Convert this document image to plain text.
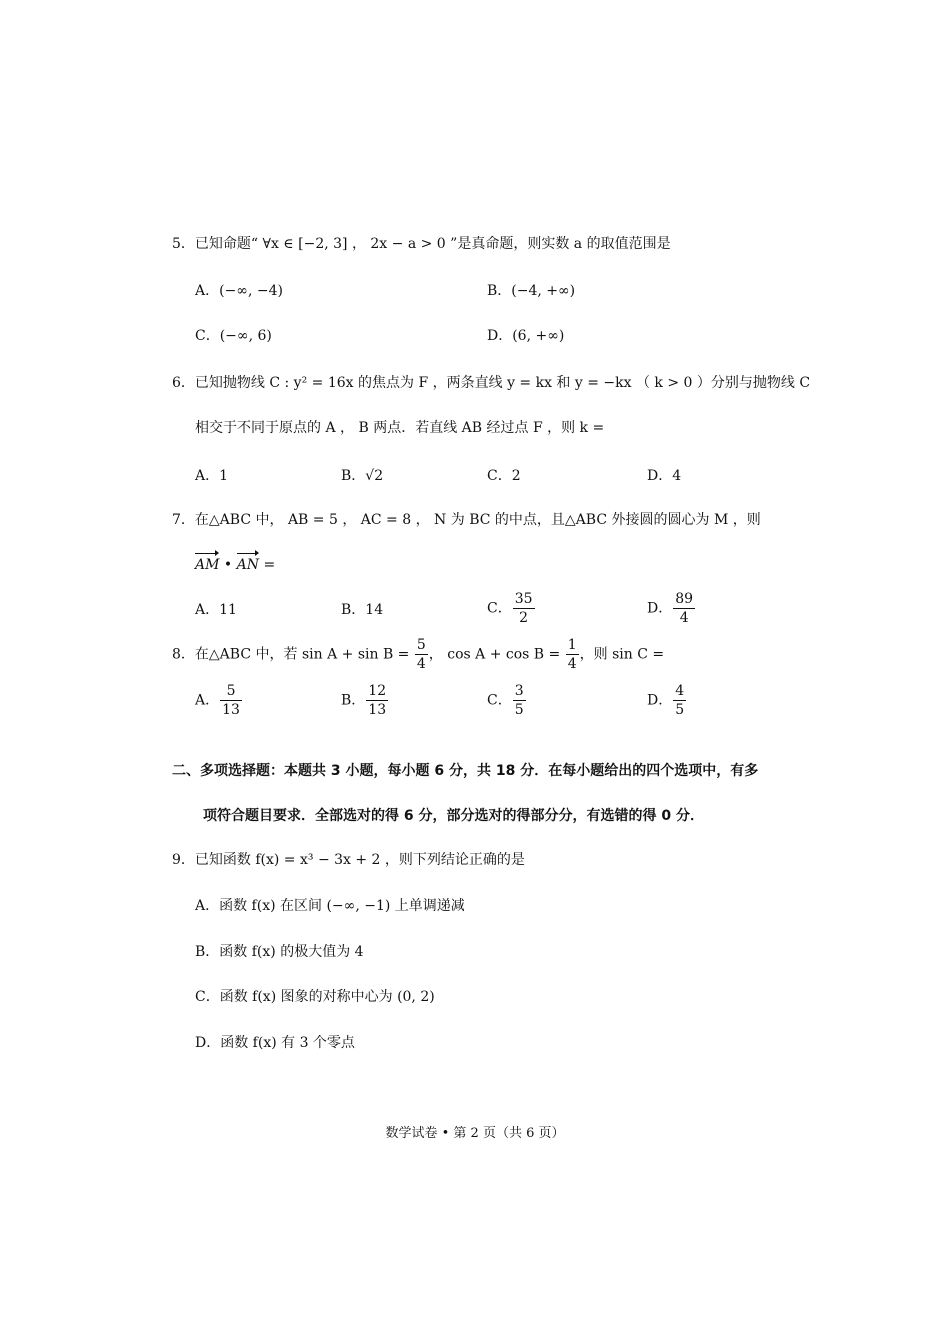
5．已知命题“ ∀x ∈ [−2, 3] ， 2x − a > 0 ”是真命题，则实数 a 的取值范围是
A．(−∞, −4)	B．(−4, +∞)
C．(−∞, 6)	D．(6, +∞)
6．已知抛物线 C : y² = 16x 的焦点为 F ，两条直线 y = kx 和 y = −kx （ k > 0 ）分别与抛物线 C
相交于不同于原点的 A ， B 两点．若直线 AB 经过点 F ，则 k =
A．1	B．√2	C．2	D．4
7．在△ABC 中， AB = 5 ， AC = 8 ， N 为 BC 的中点，且△ABC 外接圆的圆心为 M ，则
AM • AN =
A．11	B．14	C． $\frac{35}{2}$	D． $\frac{89}{4}$
8．在△ABC 中，若 $\sin A + \sin B = \frac{5}{4}$ ， $\cos A + \cos B = \frac{1}{4}$ ，则 sin C =
A． $\frac{5}{13}$	B． $\frac{12}{13}$	C． $\frac{3}{5}$	D． $\frac{4}{5}$
二、多项选择题：本题共 3 小题，每小题 6 分，共 18 分．在每小题给出的四个选项中，有多
项符合题目要求．全部选对的得 6 分，部分选对的得部分分，有选错的得 0 分．
9．已知函数 f(x) = x³ − 3x + 2 ，则下列结论正确的是
A．函数 f(x) 在区间 (−∞, −1) 上单调递减
B．函数 f(x) 的极大值为 4
C．函数 f(x) 图象的对称中心为 (0, 2)
D．函数 f(x) 有 3 个零点
数学试卷 • 第 2 页（共 6 页）
